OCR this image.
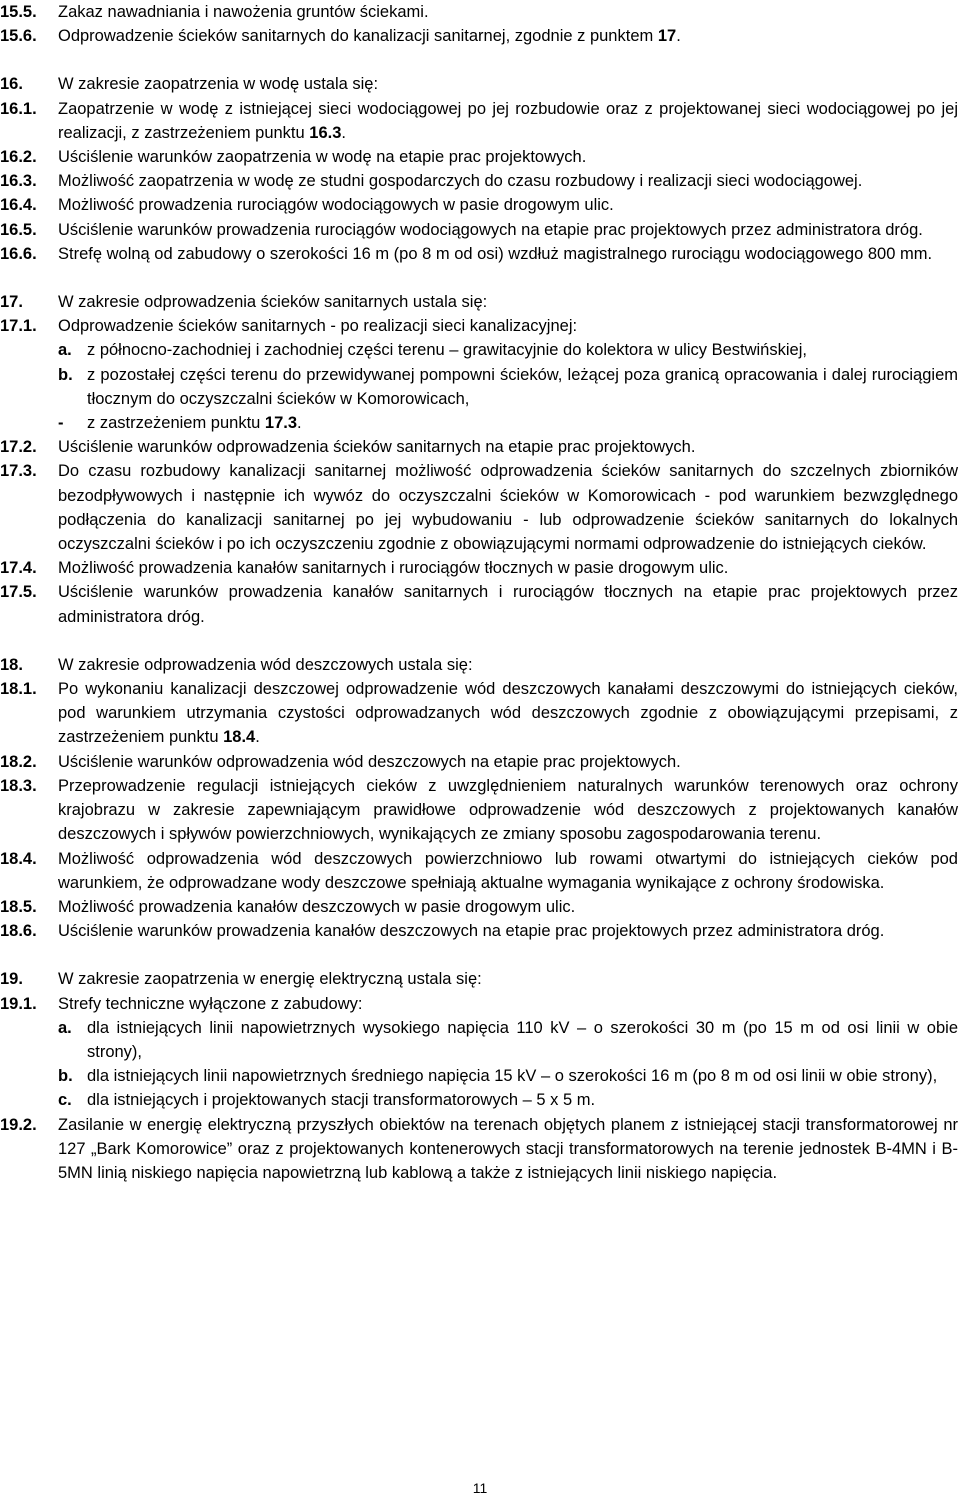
15.5.	Zakaz nawadniania i nawożenia gruntów ściekami.
15.6.	Odprowadzenie ścieków sanitarnych do kanalizacji sanitarnej, zgodnie z punktem 17.
16.	W zakresie zaopatrzenia w wodę ustala się:
16.1.	Zaopatrzenie w wodę z istniejącej sieci wodociągowej po jej rozbudowie oraz z projektowanej sieci wodociągowej po jej realizacji, z zastrzeżeniem punktu 16.3.
16.2.	Uściślenie warunków zaopatrzenia w wodę na etapie prac projektowych.
16.3.	Możliwość zaopatrzenia w wodę ze studni gospodarczych do czasu rozbudowy i realizacji sieci wodociągowej.
16.4.	Możliwość prowadzenia rurociągów wodociągowych w pasie drogowym ulic.
16.5.	Uściślenie warunków prowadzenia rurociągów wodociągowych na etapie prac projektowych przez administratora dróg.
16.6.	Strefę wolną od zabudowy o szerokości 16 m (po 8 m od osi) wzdłuż magistralnego rurociągu wodociągowego 800 mm.
17.	W zakresie odprowadzenia ścieków sanitarnych ustala się:
17.1.	Odprowadzenie ścieków sanitarnych - po realizacji sieci kanalizacyjnej:
a. z północno-zachodniej i zachodniej części terenu – grawitacyjnie do kolektora w ulicy Bestwińskiej,
b. z pozostałej części terenu do przewidywanej pompowni ścieków, leżącej poza granicą opracowania i dalej rurociągiem tłocznym do oczyszczalni ścieków w Komorowicach,
-	z zastrzeżeniem punktu 17.3.
17.2.	Uściślenie warunków odprowadzenia ścieków sanitarnych na etapie prac projektowych.
17.3.	Do czasu rozbudowy kanalizacji sanitarnej możliwość odprowadzenia ścieków sanitarnych do szczelnych zbiorników bezodpływowych i następnie ich wywóz do oczyszczalni ścieków w Komorowicach - pod warunkiem bezwzględnego podłączenia do kanalizacji sanitarnej po jej wybudowaniu - lub odprowadzenie ścieków sanitarnych do lokalnych oczyszczalni ścieków i po ich oczyszczeniu zgodnie z obowiązującymi normami odprowadzenie do istniejących cieków.
17.4.	Możliwość prowadzenia kanałów sanitarnych i rurociągów tłocznych w pasie drogowym ulic.
17.5.	Uściślenie warunków prowadzenia kanałów sanitarnych i rurociągów tłocznych na etapie prac projektowych przez administratora dróg.
18.	W zakresie odprowadzenia wód deszczowych ustala się:
18.1.	Po wykonaniu kanalizacji deszczowej odprowadzenie wód deszczowych kanałami deszczowymi do istniejących cieków, pod warunkiem utrzymania czystości odprowadzanych wód deszczowych zgodnie z obowiązującymi przepisami, z zastrzeżeniem punktu 18.4.
18.2.	Uściślenie warunków odprowadzenia wód deszczowych na etapie prac projektowych.
18.3.	Przeprowadzenie regulacji istniejących cieków z uwzględnieniem naturalnych warunków terenowych oraz ochrony krajobrazu w zakresie zapewniającym prawidłowe odprowadzenie wód deszczowych z projektowanych kanałów deszczowych i spływów powierzchniowych, wynikających ze zmiany sposobu zagospodarowania terenu.
18.4.	Możliwość odprowadzenia wód deszczowych powierzchniowo lub rowami otwartymi do istniejących cieków pod warunkiem, że odprowadzane wody deszczowe spełniają aktualne wymagania wynikające z ochrony środowiska.
18.5.	Możliwość prowadzenia kanałów deszczowych w pasie drogowym ulic.
18.6.	Uściślenie warunków prowadzenia kanałów deszczowych na etapie prac projektowych przez administratora dróg.
19.	W zakresie zaopatrzenia w energię elektryczną ustala się:
19.1.	Strefy techniczne wyłączone z zabudowy:
a. dla istniejących linii napowietrznych wysokiego napięcia 110 kV – o szerokości 30 m (po 15 m od osi linii w obie strony),
b. dla istniejących linii napowietrznych średniego napięcia 15 kV – o szerokości 16 m (po 8 m od osi linii w obie strony),
c. dla istniejących i projektowanych stacji transformatorowych – 5 x 5 m.
19.2.	Zasilanie w energię elektryczną przyszłych obiektów na terenach objętych planem z istniejącej stacji transformatorowej nr 127 „Bark Komorowice” oraz z projektowanych kontenerowych stacji transformatorowych na terenie jednostek B-4MN i B-5MN linią niskiego napięcia napowietrzną lub kablową a także z istniejących linii niskiego napięcia.
11
